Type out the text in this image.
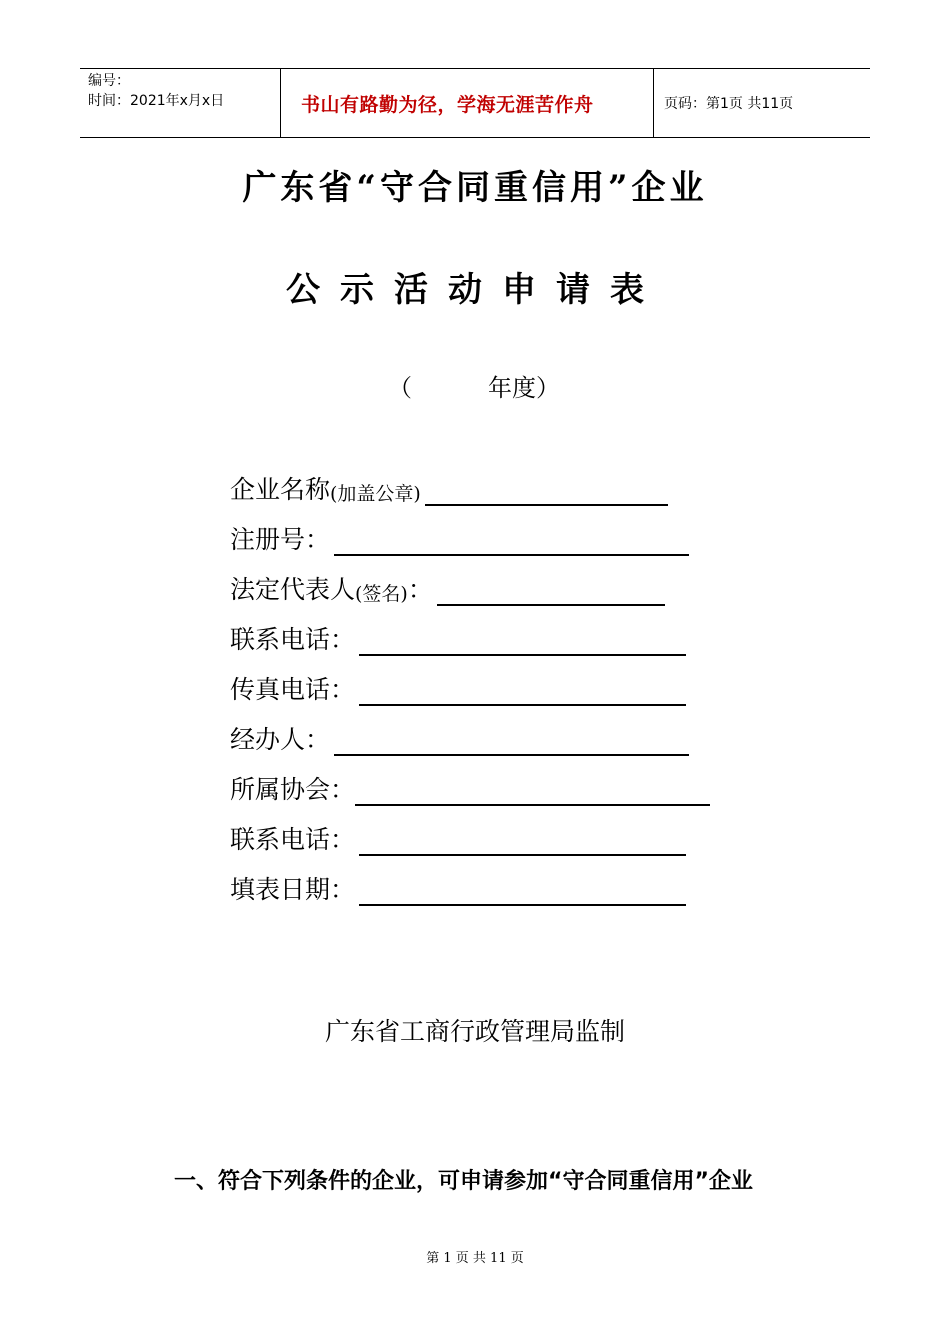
编号：
时间：2021年x月x日	书山有路勤为径，学海无涯苦作舟	页码：第1页 共11页
广东省“守合同重信用”企业
公示活动申请表
（	年度）
企业名称 (加盖公章)
注册号：
法定代表人 (签名) ：
联系电话：
传真电话：
经办人：
所属协会：
联系电话：
填表日期：
广东省工商行政管理局监制
一、符合下列条件的企业，可申请参加“守合同重信用”企业
第 1 页 共 11 页
